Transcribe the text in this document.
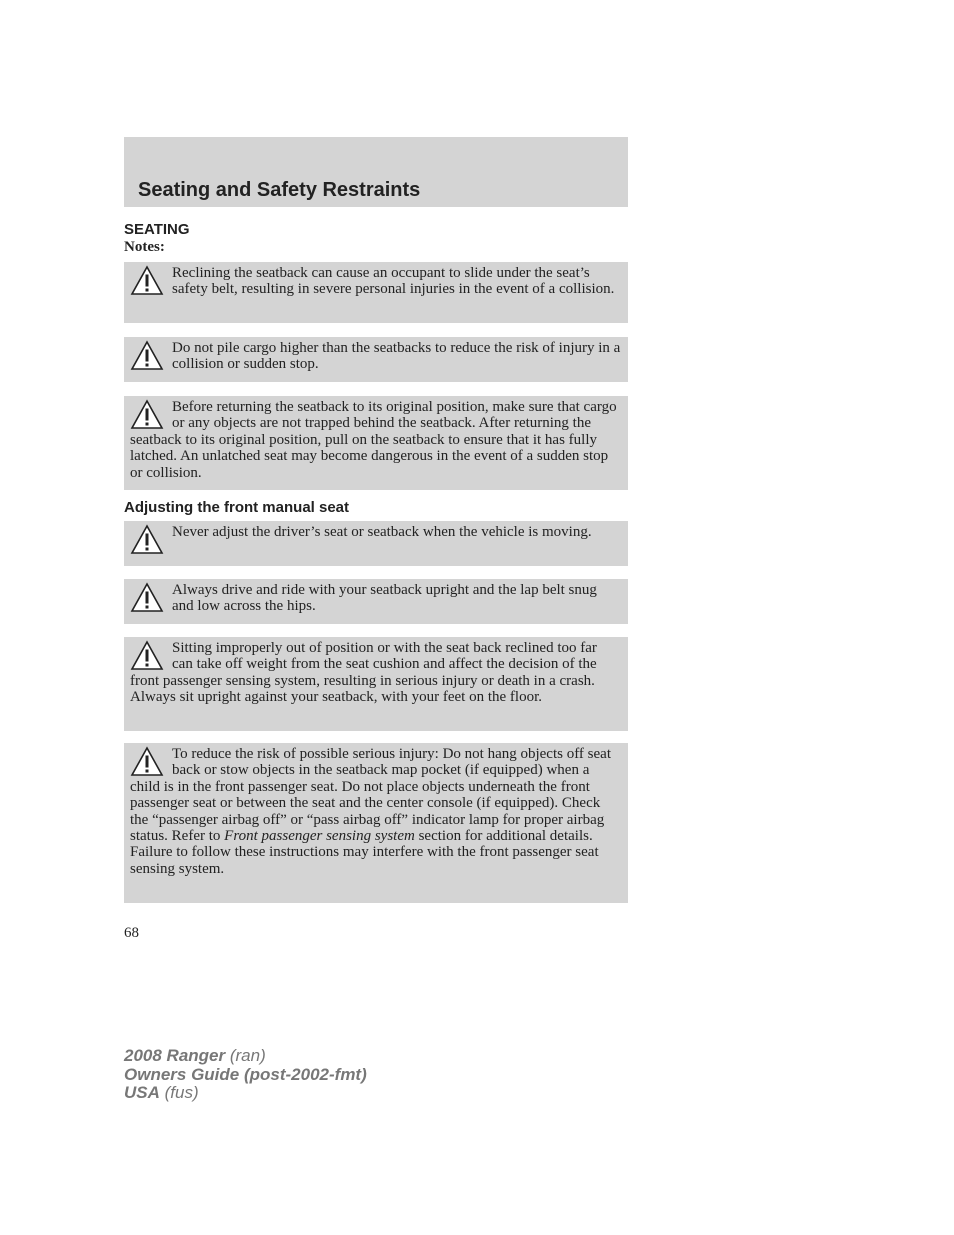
Seating and Safety Restraints
SEATING
Notes:
Reclining the seatback can cause an occupant to slide under the seat’s safety belt, resulting in severe personal injuries in the event of a collision.
Do not pile cargo higher than the seatbacks to reduce the risk of injury in a collision or sudden stop.
Before returning the seatback to its original position, make sure that cargo or any objects are not trapped behind the seatback. After returning the seatback to its original position, pull on the seatback to ensure that it has fully latched. An unlatched seat may become dangerous in the event of a sudden stop or collision.
Adjusting the front manual seat
Never adjust the driver’s seat or seatback when the vehicle is moving.
Always drive and ride with your seatback upright and the lap belt snug and low across the hips.
Sitting improperly out of position or with the seat back reclined too far can take off weight from the seat cushion and affect the decision of the front passenger sensing system, resulting in serious injury or death in a crash.
Always sit upright against your seatback, with your feet on the floor.
To reduce the risk of possible serious injury: Do not hang objects off seat back or stow objects in the seatback map pocket (if equipped) when a child is in the front passenger seat. Do not place objects underneath the front passenger seat or between the seat and the center console (if equipped). Check the “passenger airbag off” or “pass airbag off” indicator lamp for proper airbag status. Refer to Front passenger sensing system section for additional details. Failure to follow these instructions may interfere with the front passenger seat sensing system.
68
2008 Ranger (ran)
Owners Guide (post-2002-fmt)
USA (fus)
